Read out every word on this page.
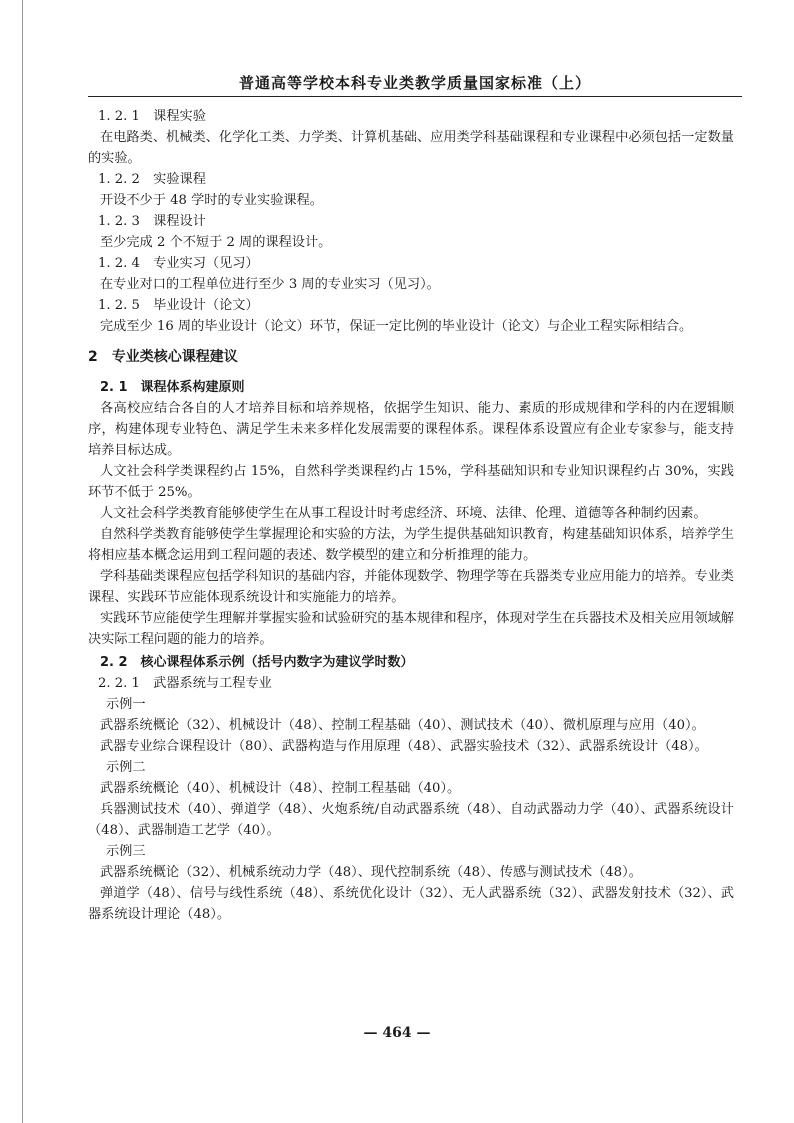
普通高等学校本科专业类教学质量国家标准（上）

1. 2. 1　课程实验

在电路类、机械类、化学化工类、力学类、计算机基础、应用类学科基础课程和专业课程中必须包括一定数量的实验。

1. 2. 2　实验课程

开设不少于 48 学时的专业实验课程。

1. 2. 3　课程设计

至少完成 2 个不短于 2 周的课程设计。

1. 2. 4　专业实习（见习）

在专业对口的工程单位进行至少 3 周的专业实习（见习）。

1. 2. 5　毕业设计（论文）

完成至少 16 周的毕业设计（论文）环节，保证一定比例的毕业设计（论文）与企业工程实际相结合。

2　专业类核心课程建议
2. 1　课程体系构建原则

各高校应结合各自的人才培养目标和培养规格，依据学生知识、能力、素质的形成规律和学科的内在逻辑顺序，构建体现专业特色、满足学生未来多样化发展需要的课程体系。课程体系设置应有企业专家参与，能支持培养目标达成。

人文社会科学类课程约占 15%，自然科学类课程约占 15%，学科基础知识和专业知识课程约占 30%，实践环节不低于 25%。

人文社会科学类教育能够使学生在从事工程设计时考虑经济、环境、法律、伦理、道德等各种制约因素。

自然科学类教育能够使学生掌握理论和实验的方法，为学生提供基础知识教育，构建基础知识体系，培养学生将相应基本概念运用到工程问题的表述、数学模型的建立和分析推理的能力。

学科基础类课程应包括学科知识的基础内容，并能体现数学、物理学等在兵器类专业应用能力的培养。专业类课程、实践环节应能体现系统设计和实施能力的培养。

实践环节应能使学生理解并掌握实验和试验研究的基本规律和程序，体现对学生在兵器技术及相关应用领域解决实际工程问题的能力的培养。

2. 2　核心课程体系示例（括号内数字为建议学时数）

2. 2. 1　武器系统与工程专业

示例一

武器系统概论（32）、机械设计（48）、控制工程基础（40）、测试技术（40）、微机原理与应用（40）。

武器专业综合课程设计（80）、武器构造与作用原理（48）、武器实验技术（32）、武器系统设计（48）。

示例二

武器系统概论（40）、机械设计（48）、控制工程基础（40）。

兵器测试技术（40）、弹道学（48）、火炮系统/自动武器系统（48）、自动武器动力学（40）、武器系统设计（48）、武器制造工艺学（40）。

示例三

武器系统概论（32）、机械系统动力学（48）、现代控制系统（48）、传感与测试技术（48）。

弹道学（48）、信号与线性系统（48）、系统优化设计（32）、无人武器系统（32）、武器发射技术（32）、武器系统设计理论（48）。

— 464 —
